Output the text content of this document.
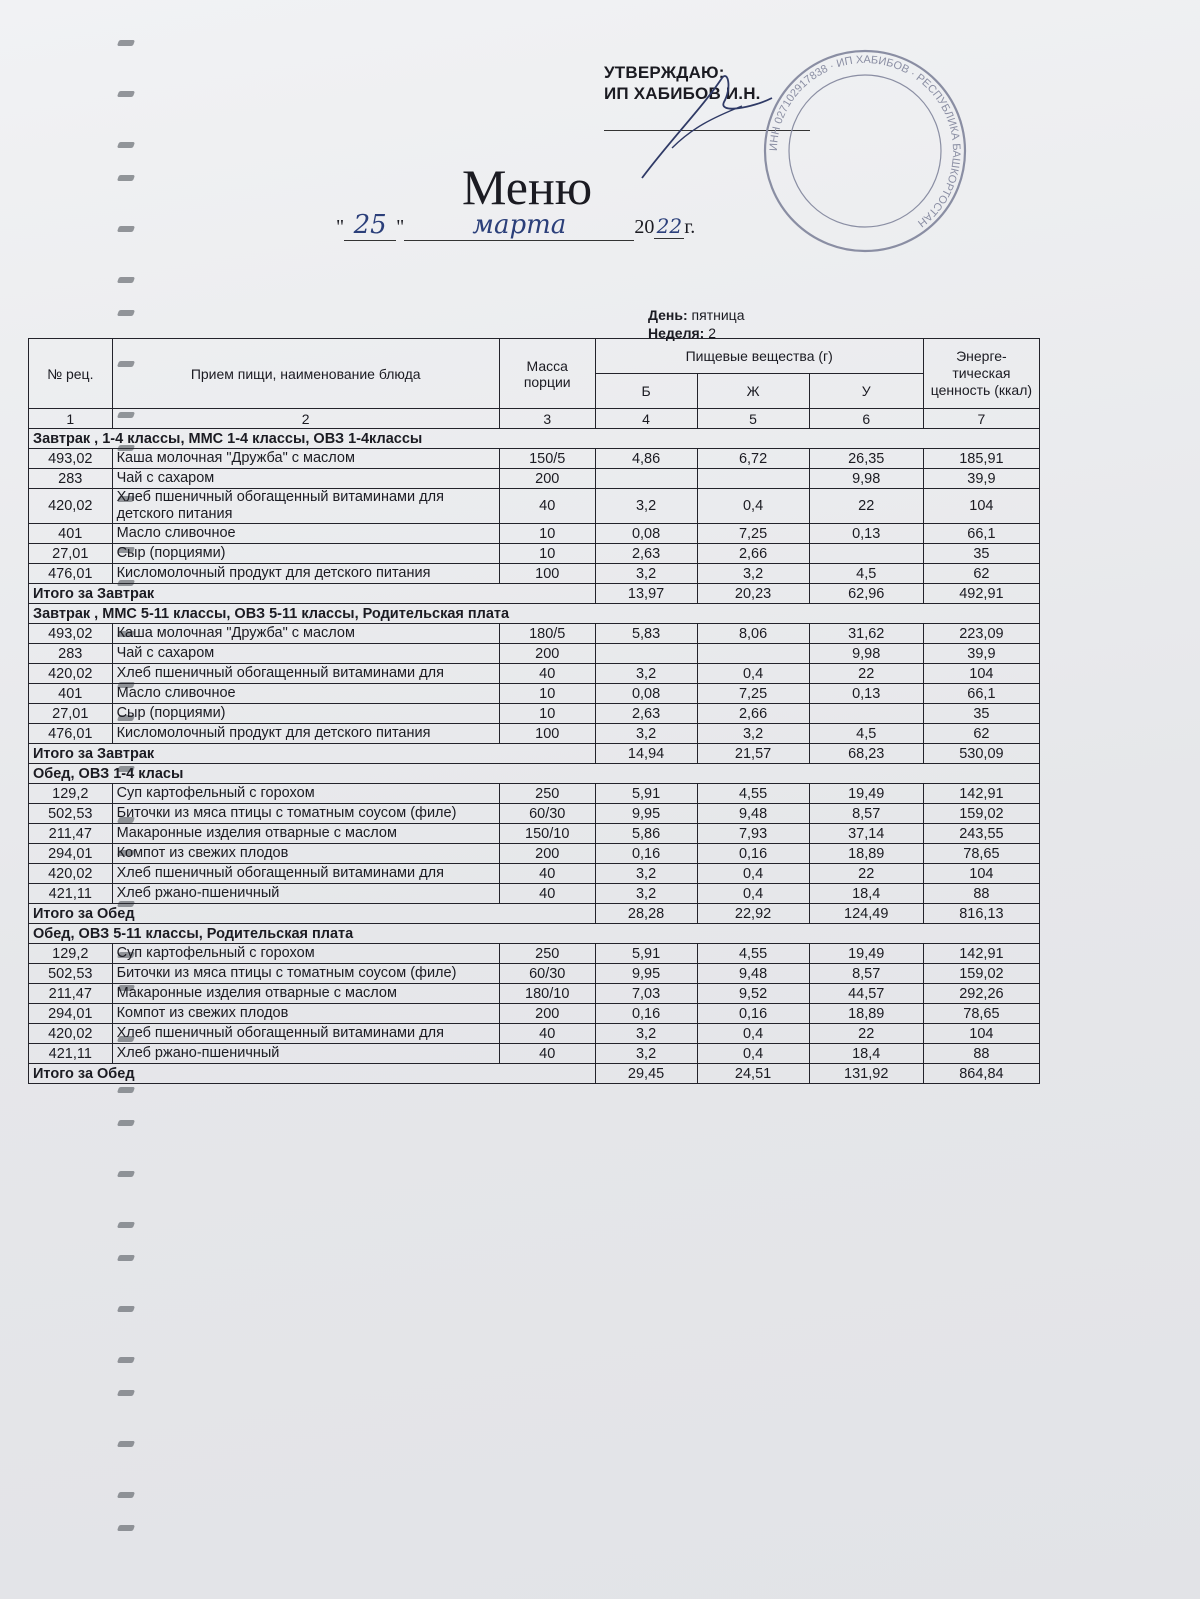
УТВЕРЖДАЮ:
ИП ХАБИБОВ И.Н.
ИНН 027102917838 · ИП ХАБИБОВ · РЕСПУБЛИКА БАШКОРТОСТАН
Меню
" 25 "	марта	20 22 г.
День: пятница
Неделя: 2
№ рец.	Прием пищи, наименование блюда	Масса порции	Пищевые вещества (г)			Энерге-тическая ценность (ккал)
			Б	Ж	У	
1	2	3	4	5	6	7
Завтрак , 1-4 классы, ММС 1-4 классы, ОВЗ 1-4классы						
493,02	Каша молочная "Дружба" с маслом	150/5	4,86	6,72	26,35	185,91
283	Чай с сахаром	200			9,98	39,9
420,02	Хлеб пшеничный обогащенный витаминами для детского питания	40	3,2	0,4	22	104
401	Масло сливочное	10	0,08	7,25	0,13	66,1
27,01	Сыр (порциями)	10	2,63	2,66		35
476,01	Кисломолочный продукт для детского питания	100	3,2	3,2	4,5	62
Итого за Завтрак			13,97	20,23	62,96	492,91
Завтрак , ММС 5-11 классы, ОВЗ 5-11 классы, Родительская плата						
493,02	Каша молочная "Дружба" с маслом	180/5	5,83	8,06	31,62	223,09
283	Чай с сахаром	200			9,98	39,9
420,02	Хлеб пшеничный обогащенный витаминами для	40	3,2	0,4	22	104
401	Масло сливочное	10	0,08	7,25	0,13	66,1
27,01	Сыр (порциями)	10	2,63	2,66		35
476,01	Кисломолочный продукт для детского питания	100	3,2	3,2	4,5	62
Итого за Завтрак			14,94	21,57	68,23	530,09
Обед, ОВЗ 1-4 класы						
129,2	Суп картофельный с горохом	250	5,91	4,55	19,49	142,91
502,53	Биточки из мяса птицы с томатным соусом (филе)	60/30	9,95	9,48	8,57	159,02
211,47	Макаронные изделия отварные с маслом	150/10	5,86	7,93	37,14	243,55
294,01	Компот из свежих плодов	200	0,16	0,16	18,89	78,65
420,02	Хлеб пшеничный обогащенный витаминами для	40	3,2	0,4	22	104
421,11	Хлеб ржано-пшеничный	40	3,2	0,4	18,4	88
Итого за Обед			28,28	22,92	124,49	816,13
Обед, ОВЗ 5-11 классы, Родительская плата						
129,2	Суп картофельный с горохом	250	5,91	4,55	19,49	142,91
502,53	Биточки из мяса птицы с томатным соусом (филе)	60/30	9,95	9,48	8,57	159,02
211,47	Макаронные изделия отварные с маслом	180/10	7,03	9,52	44,57	292,26
294,01	Компот из свежих плодов	200	0,16	0,16	18,89	78,65
420,02	Хлеб пшеничный обогащенный витаминами для	40	3,2	0,4	22	104
421,11	Хлеб ржано-пшеничный	40	3,2	0,4	18,4	88
Итого за Обед			29,45	24,51	131,92	864,84
